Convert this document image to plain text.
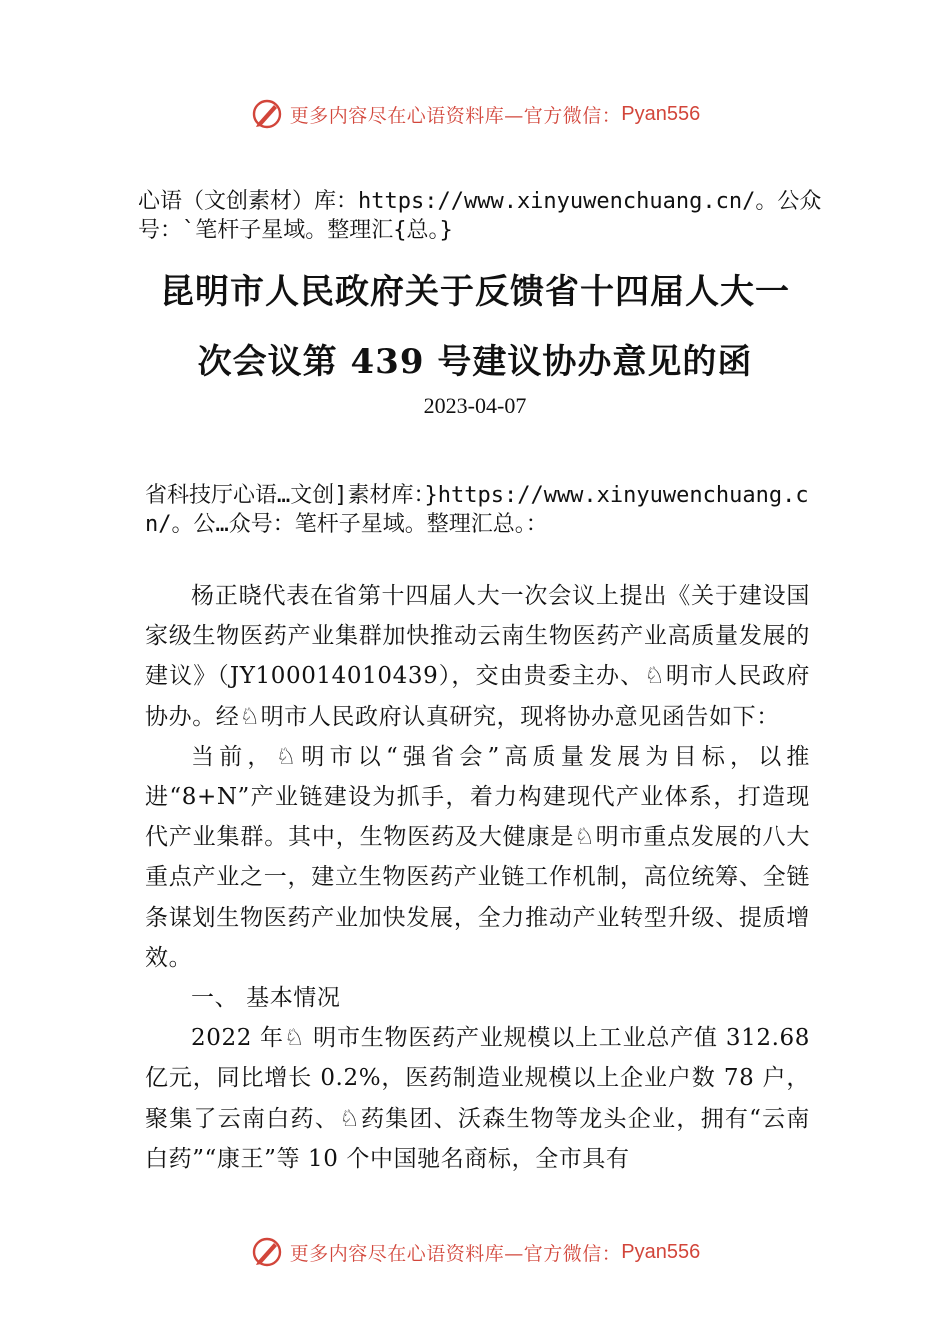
更多内容尽在心语资料库—官方微信： Pyan556
心语（文创素材）库：https://www.xinyuwenchuang.cn/。公众号：`笔杆子星域。整理汇{总。}
昆明市人民政府关于反馈省十四届人大一
次会议第 439 号建议协办意见的函
2023-04-07
省科技厅心语…文创]素材库：}https://www.xinyuwenchuang.cn/。公…众号：笔杆子星域。整理汇总。：

杨正晓代表在省第十四届人大一次会议上提出《关于建设国家级生物医药产业集群加快推动云南生物医药产业高质量发展的建议》（JY100014010439），交由贵委主办、♘明市人民政府协办。经♘明市人民政府认真研究，现将协办意见函告如下：

当前，♘明市以“强省会”高质量发展为目标，以推进“8+N”产业链建设为抓手，着力构建现代产业体系，打造现代产业集群。其中，生物医药及大健康是♘明市重点发展的八大重点产业之一，建立生物医药产业链工作机制，高位统筹、全链条谋划生物医药产业加快发展，全力推动产业转型升级、提质增效。

一、 基本情况

2022 年♘ 明市生物医药产业规模以上工业总产值 312.68 亿元，同比增长 0.2%，医药制造业规模以上企业户数 78 户，聚集了云南白药、♘药集团、沃森生物等龙头企业，拥有“云南白药”“康王”等 10 个中国驰名商标，全市具有

更多内容尽在心语资料库—官方微信： Pyan556
